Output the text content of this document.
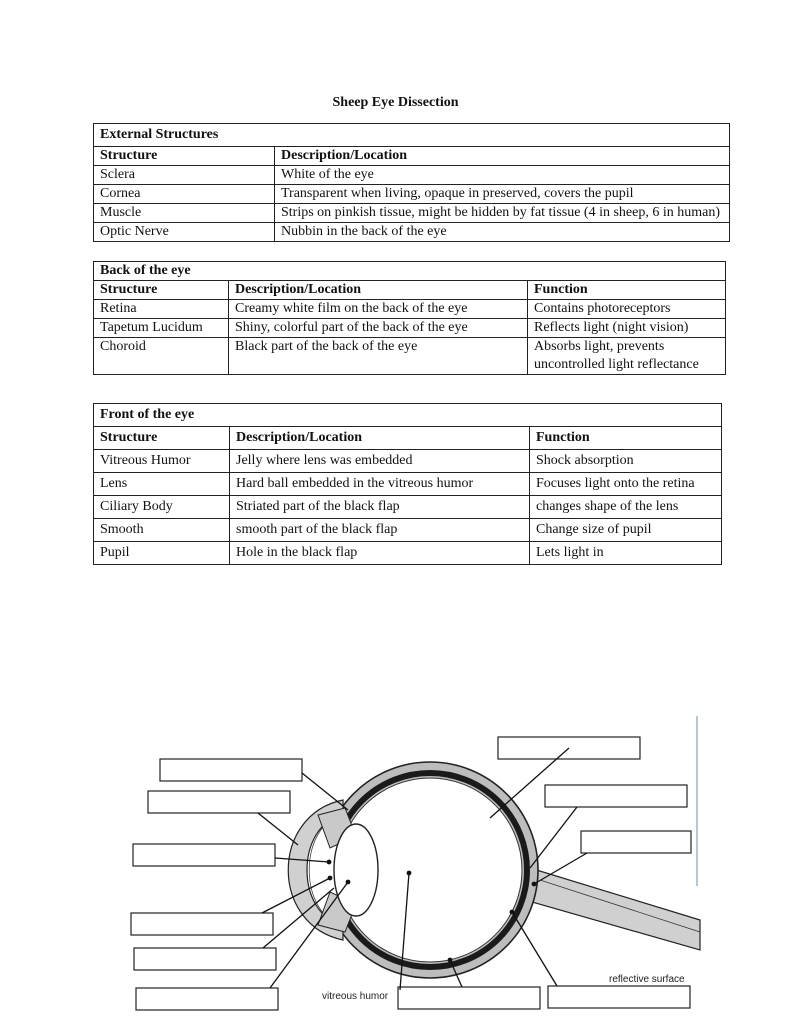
Sheep Eye Dissection
External Structures	
Structure	Description/Location
Sclera	White of the eye
Cornea	Transparent when living, opaque in preserved, covers the pupil
Muscle	Strips on pinkish tissue, might be hidden by fat tissue (4 in sheep, 6 in human)
Optic Nerve	Nubbin in the back of the eye
Back of the eye		
Structure	Description/Location	Function
Retina	Creamy white film on the back of the eye	Contains photoreceptors
Tapetum Lucidum	Shiny, colorful part of the back of the eye	Reflects light (night vision)
Choroid	Black part of the back of the eye	Absorbs light, prevents uncontrolled light reflectance
Front of the eye		
Structure	Description/Location	Function
Vitreous Humor	Jelly where lens was embedded	Shock absorption
Lens	Hard ball embedded in the vitreous humor	Focuses light onto the retina
Ciliary Body	Striated part of the black flap	changes shape of the lens
Smooth	smooth part of the black flap	Change size of pupil
Pupil	Hole in the black flap	Lets light in
vitreous humor
reflective surface
